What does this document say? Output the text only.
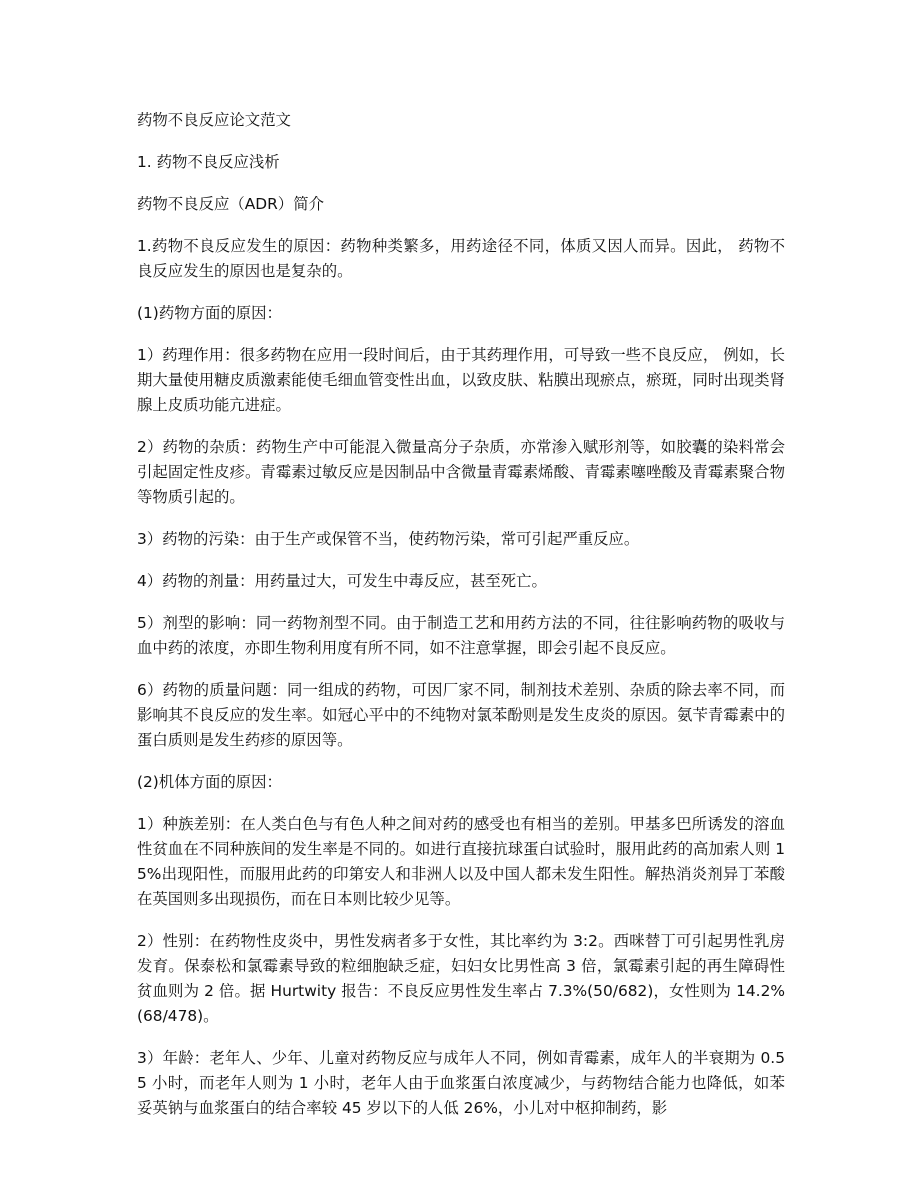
药物不良反应论文范文

1. 药物不良反应浅析

药物不良反应（ADR）简介

1.药物不良反应发生的原因：药物种类繁多，用药途径不同，体质又因人而异。因此， 药物不良反应发生的原因也是复杂的。

(1)药物方面的原因：

1）药理作用：很多药物在应用一段时间后，由于其药理作用，可导致一些不良反应， 例如，长期大量使用糖皮质激素能使毛细血管变性出血，以致皮肤、粘膜出现瘀点，瘀斑，同时出现类肾腺上皮质功能亢进症。

2）药物的杂质：药物生产中可能混入微量高分子杂质，亦常渗入赋形剂等，如胶囊的染料常会引起固定性皮疹。青霉素过敏反应是因制品中含微量青霉素烯酸、青霉素噻唑酸及青霉素聚合物等物质引起的。

3）药物的污染：由于生产或保管不当，使药物污染，常可引起严重反应。

4）药物的剂量：用药量过大，可发生中毒反应，甚至死亡。

5）剂型的影响：同一药物剂型不同。由于制造工艺和用药方法的不同，往往影响药物的吸收与血中药的浓度，亦即生物利用度有所不同，如不注意掌握，即会引起不良反应。

6）药物的质量问题：同一组成的药物，可因厂家不同，制剂技术差别、杂质的除去率不同，而影响其不良反应的发生率。如冠心平中的不纯物对氯苯酚则是发生皮炎的原因。氨苄青霉素中的蛋白质则是发生药疹的原因等。

(2)机体方面的原因：

1）种族差别：在人类白色与有色人种之间对药的感受也有相当的差别。甲基多巴所诱发的溶血性贫血在不同种族间的发生率是不同的。如进行直接抗球蛋白试验时，服用此药的高加索人则 15%出现阳性，而服用此药的印第安人和非洲人以及中国人都未发生阳性。解热消炎剂异丁苯酸在英国则多出现损伤，而在日本则比较少见等。

2）性别：在药物性皮炎中，男性发病者多于女性，其比率约为 3:2。西咪替丁可引起男性乳房发育。保泰松和氯霉素导致的粒细胞缺乏症，妇妇女比男性高 3 倍，氯霉素引起的再生障碍性贫血则为 2 倍。据 Hurtwity 报告：不良反应男性发生率占 7.3%(50/682)，女性则为 14.2%(68/478)。

3）年龄：老年人、少年、儿童对药物反应与成年人不同，例如青霉素，成年人的半衰期为 0.55 小时，而老年人则为 1 小时，老年人由于血浆蛋白浓度减少，与药物结合能力也降低，如苯妥英钠与血浆蛋白的结合率较 45 岁以下的人低 26%，小儿对中枢抑制药，影
